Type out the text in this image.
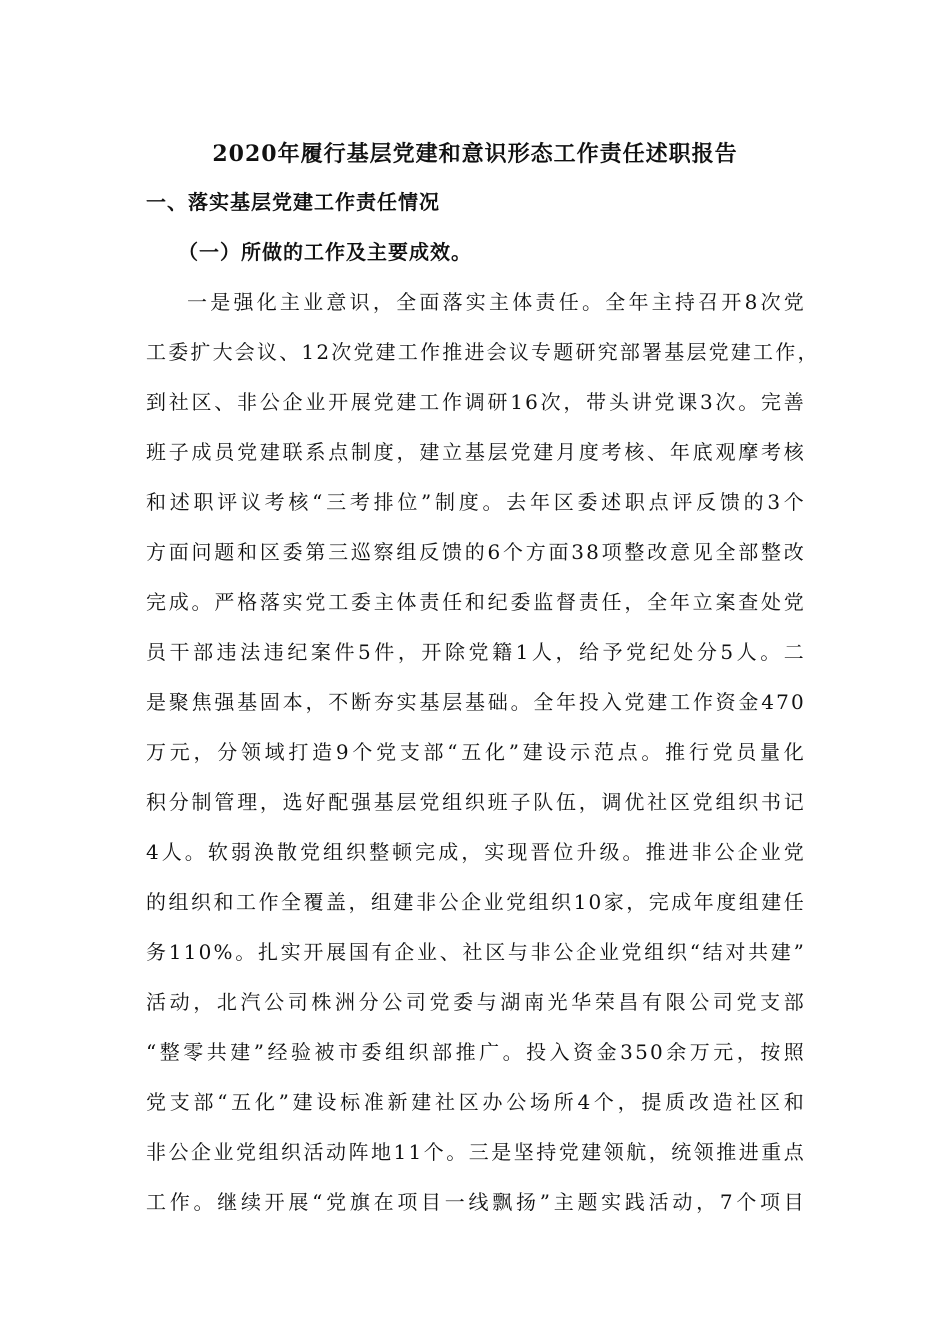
2020年履行基层党建和意识形态工作责任述职报告
一、落实基层党建工作责任情况
（一）所做的工作及主要成效。
一是强化主业意识，全面落实主体责任。全年主持召开8次党
工委扩大会议、12次党建工作推进会议专题研究部署基层党建工作，
到社区、非公企业开展党建工作调研16次，带头讲党课3次。完善
班子成员党建联系点制度，建立基层党建月度考核、年底观摩考核
和述职评议考核“三考排位”制度。去年区委述职点评反馈的3个
方面问题和区委第三巡察组反馈的6个方面38项整改意见全部整改
完成。严格落实党工委主体责任和纪委监督责任，全年立案查处党
员干部违法违纪案件5件，开除党籍1人，给予党纪处分5人。二
是聚焦强基固本，不断夯实基层基础。全年投入党建工作资金470
万元，分领域打造9个党支部“五化”建设示范点。推行党员量化
积分制管理，选好配强基层党组织班子队伍，调优社区党组织书记
4人。软弱涣散党组织整顿完成，实现晋位升级。推进非公企业党
的组织和工作全覆盖，组建非公企业党组织10家，完成年度组建任
务110%。扎实开展国有企业、社区与非公企业党组织“结对共建”
活动，北汽公司株洲分公司党委与湖南光华荣昌有限公司党支部
“整零共建”经验被市委组织部推广。投入资金350余万元，按照
党支部“五化”建设标准新建社区办公场所4个，提质改造社区和
非公企业党组织活动阵地11个。三是坚持党建领航，统领推进重点
工作。继续开展“党旗在项目一线飘扬”主题实践活动，7个项目
